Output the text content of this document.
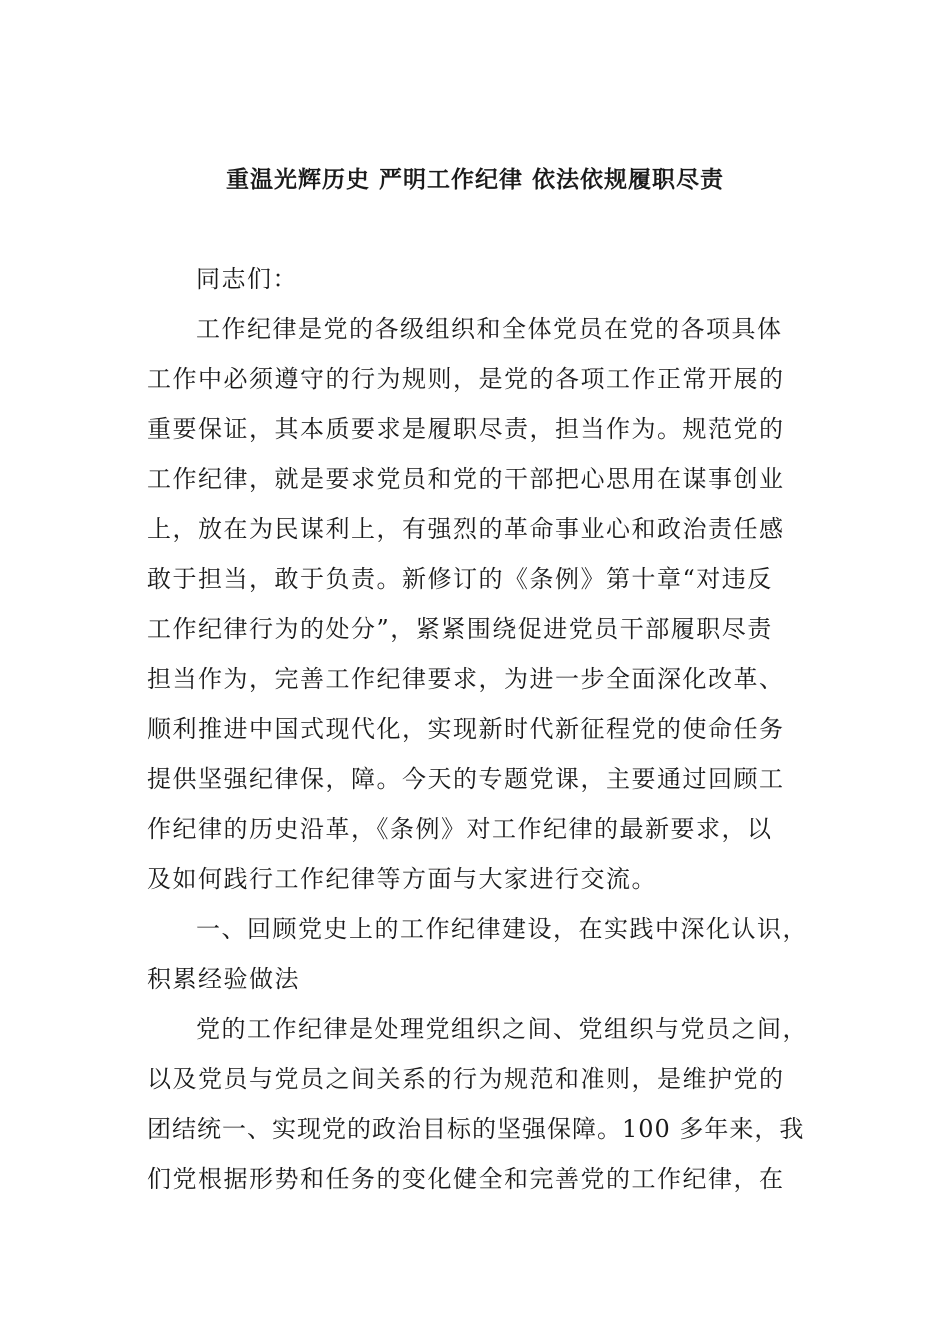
重温光辉历史 严明工作纪律 依法依规履职尽责
同志们：
工作纪律是党的各级组织和全体党员在党的各项具体
工作中必须遵守的行为规则，是党的各项工作正常开展的
重要保证，其本质要求是履职尽责，担当作为。规范党的
工作纪律，就是要求党员和党的干部把心思用在谋事创业
上，放在为民谋利上，有强烈的革命事业心和政治责任感
敢于担当，敢于负责。新修订的《条例》第十章“对违反
工作纪律行为的处分”，紧紧围绕促进党员干部履职尽责
担当作为，完善工作纪律要求，为进一步全面深化改革、
顺利推进中国式现代化，实现新时代新征程党的使命任务
提供坚强纪律保，障。今天的专题党课，主要通过回顾工
作纪律的历史沿革，《条例》对工作纪律的最新要求，以
及如何践行工作纪律等方面与大家进行交流。
一、回顾党史上的工作纪律建设，在实践中深化认识，
积累经验做法
党的工作纪律是处理党组织之间、党组织与党员之间，
以及党员与党员之间关系的行为规范和准则，是维护党的
团结统一、实现党的政治目标的坚强保障。100 多年来，我
们党根据形势和任务的变化健全和完善党的工作纪律，在
